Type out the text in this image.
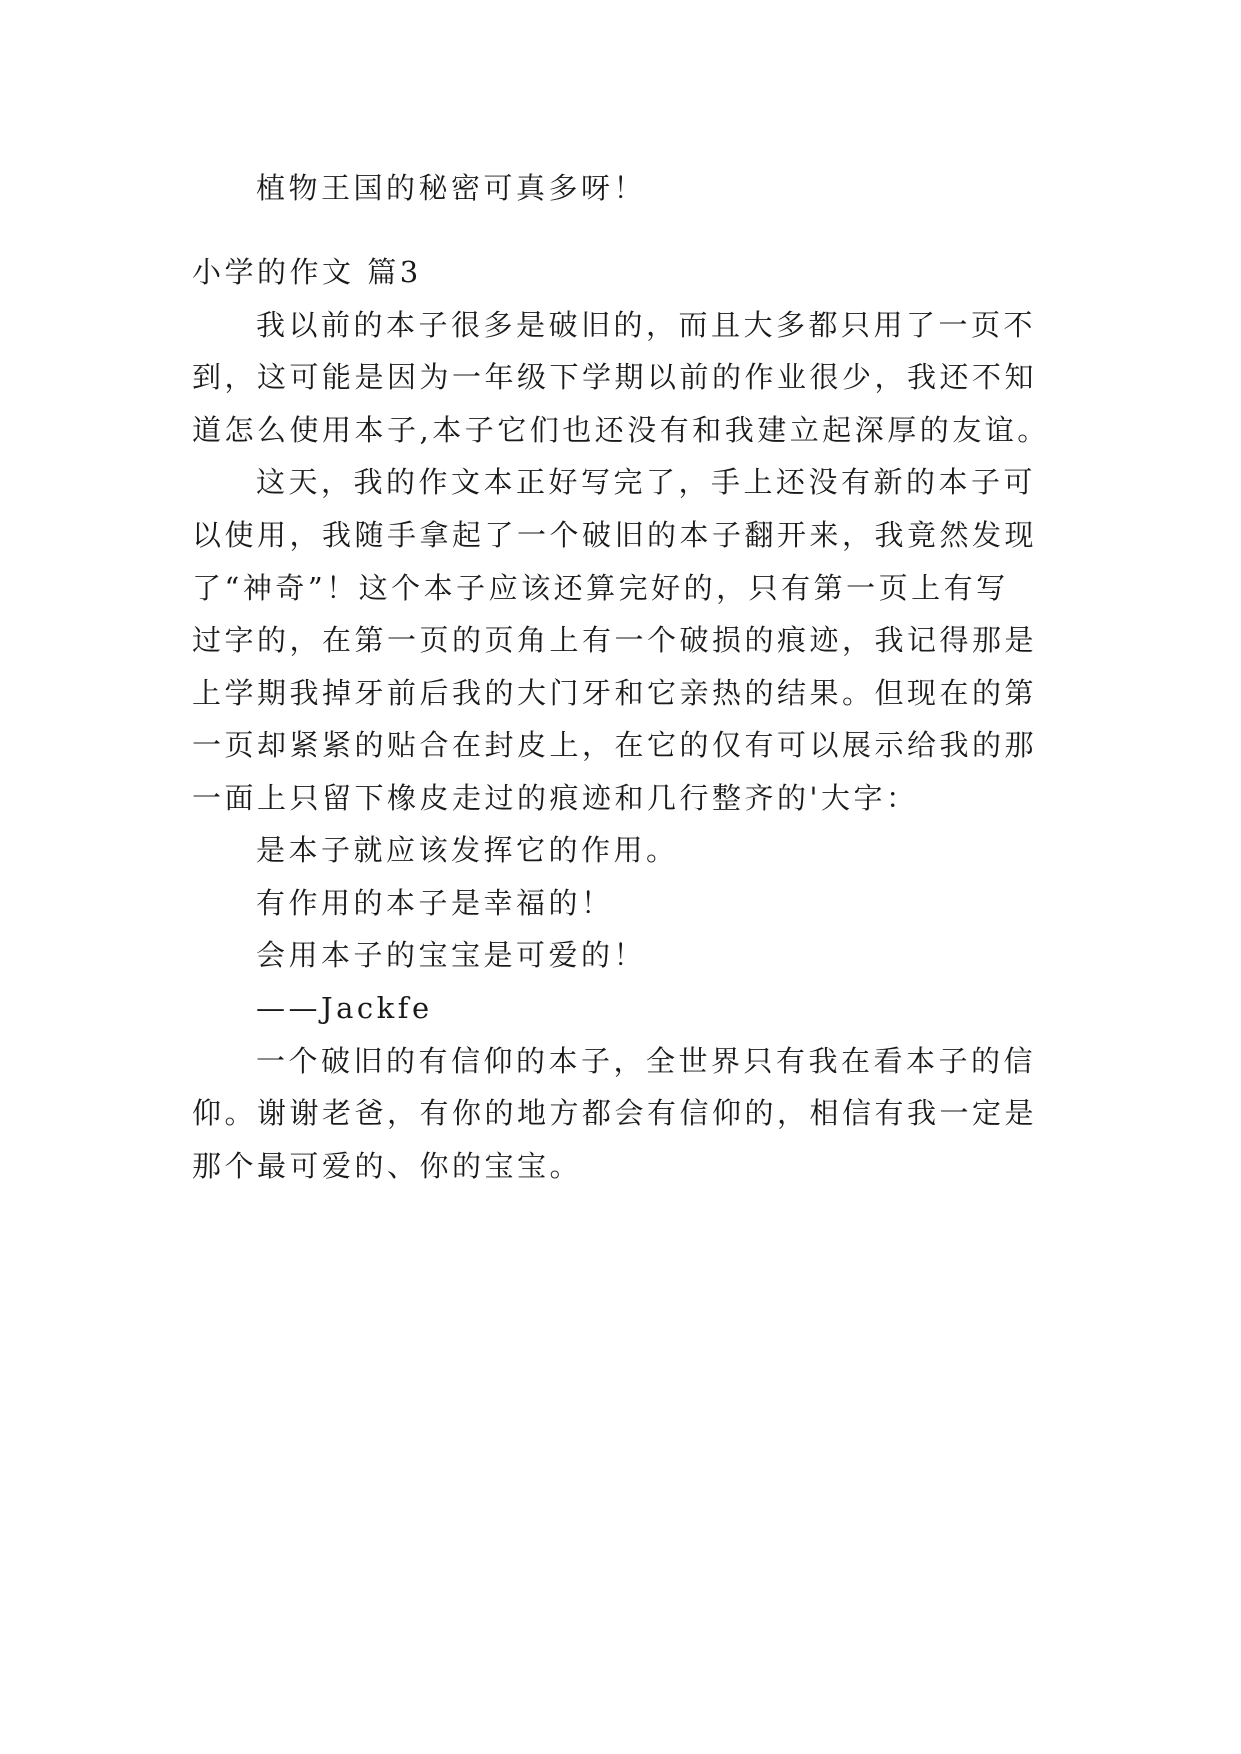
植物王国的秘密可真多呀！
小学的作文 篇3
我以前的本子很多是破旧的，而且大多都只用了一页不
到，这可能是因为一年级下学期以前的作业很少，我还不知
道怎么使用本子,本子它们也还没有和我建立起深厚的友谊。
这天，我的作文本正好写完了，手上还没有新的本子可
以使用，我随手拿起了一个破旧的本子翻开来，我竟然发现
了“神奇”！这个本子应该还算完好的，只有第一页上有写
过字的，在第一页的页角上有一个破损的痕迹，我记得那是
上学期我掉牙前后我的大门牙和它亲热的结果。但现在的第
一页却紧紧的贴合在封皮上，在它的仅有可以展示给我的那
一面上只留下橡皮走过的痕迹和几行整齐的'大字：
是本子就应该发挥它的作用。
有作用的本子是幸福的！
会用本子的宝宝是可爱的！
——Jackfe
一个破旧的有信仰的本子，全世界只有我在看本子的信
仰。谢谢老爸，有你的地方都会有信仰的，相信有我一定是
那个最可爱的、你的宝宝。
